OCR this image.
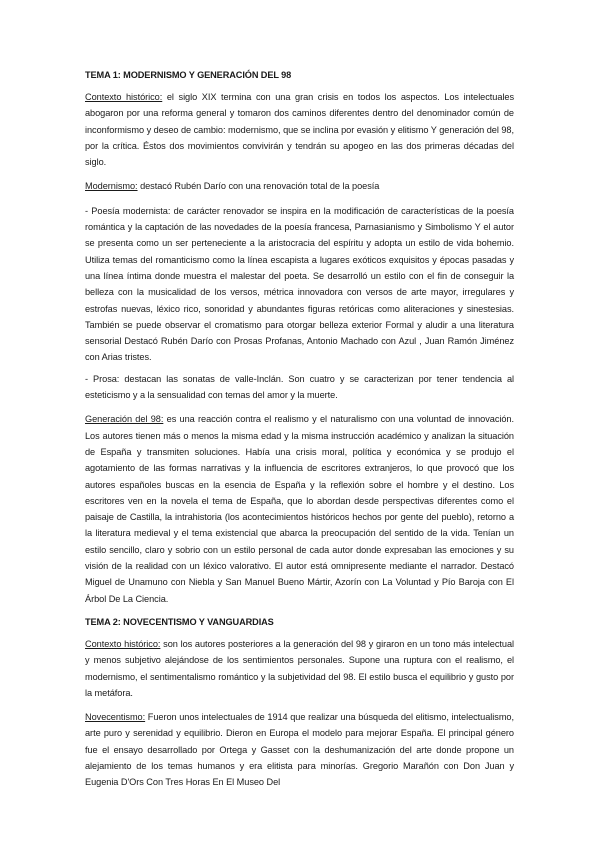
TEMA 1: MODERNISMO Y GENERACIÓN DEL 98

Contexto histórico: el siglo XIX termina con una gran crisis en todos los aspectos. Los intelectuales abogaron por una reforma general y tomaron dos caminos diferentes dentro del denominador común de inconformismo y deseo de cambio: modernismo, que se inclina por evasión y elitismo Y generación del 98, por la crítica. Éstos dos movimientos convivirán y tendrán su apogeo en las dos primeras décadas del siglo.

Modernismo: destacó Rubén Darío con una renovación total de la poesía

- Poesía modernista: de carácter renovador se inspira en la modificación de características de la poesía romántica y la captación de las novedades de la poesía francesa, Parnasianismo y Simbolismo Y el autor se presenta como un ser perteneciente a la aristocracia del espíritu y adopta un estilo de vida bohemio. Utiliza temas del romanticismo como la línea escapista a lugares exóticos exquisitos y épocas pasadas y una línea íntima donde muestra el malestar del poeta. Se desarrolló un estilo con el fin de conseguir la belleza con la musicalidad de los versos, métrica innovadora con versos de arte mayor, irregulares y estrofas nuevas, léxico rico, sonoridad y abundantes figuras retóricas como aliteraciones y sinestesias. También se puede observar el cromatismo para otorgar belleza exterior Formal y aludir a una literatura sensorial Destacó Rubén Darío con Prosas Profanas, Antonio Machado con Azul , Juan Ramón Jiménez con Arias tristes.

- Prosa: destacan las sonatas de valle-Inclán. Son cuatro y se caracterizan por tener tendencia al esteticismo y a la sensualidad con temas del amor y la muerte.

Generación del 98: es una reacción contra el realismo y el naturalismo con una voluntad de innovación. Los autores tienen más o menos la misma edad y la misma instrucción académico y analizan la situación de España y transmiten soluciones. Había una crisis moral, política y económica y se produjo el agotamiento de las formas narrativas y la influencia de escritores extranjeros, lo que provocó que los autores españoles buscas en la esencia de España y la reflexión sobre el hombre y el destino. Los escritores ven en la novela el tema de España, que lo abordan desde perspectivas diferentes como el paisaje de Castilla, la intrahistoria (los acontecimientos históricos hechos por gente del pueblo), retorno a la literatura medieval y el tema existencial que abarca la preocupación del sentido de la vida. Tenían un estilo sencillo, claro y sobrio con un estilo personal de cada autor donde expresaban las emociones y su visión de la realidad con un léxico valorativo. El autor está omnipresente mediante el narrador. Destacó Miguel de Unamuno con Niebla y San Manuel Bueno Mártir, Azorín con La Voluntad y Pío Baroja con El Árbol De La Ciencia.

TEMA 2: NOVECENTISMO Y VANGUARDIAS

Contexto histórico: son los autores posteriores a la generación del 98 y giraron en un tono más intelectual y menos subjetivo alejándose de los sentimientos personales. Supone una ruptura con el realismo, el modernismo, el sentimentalismo romántico y la subjetividad del 98. El estilo busca el equilibrio y gusto por la metáfora.

Novecentismo: Fueron unos intelectuales de 1914 que realizar una búsqueda del elitismo, intelectualismo, arte puro y serenidad y equilibrio. Dieron en Europa el modelo para mejorar España. El principal género fue el ensayo desarrollado por Ortega y Gasset con la deshumanización del arte donde propone un alejamiento de los temas humanos y era elitista para minorías. Gregorio Marañón con Don Juan y Eugenia D'Ors Con Tres Horas En El Museo Del
